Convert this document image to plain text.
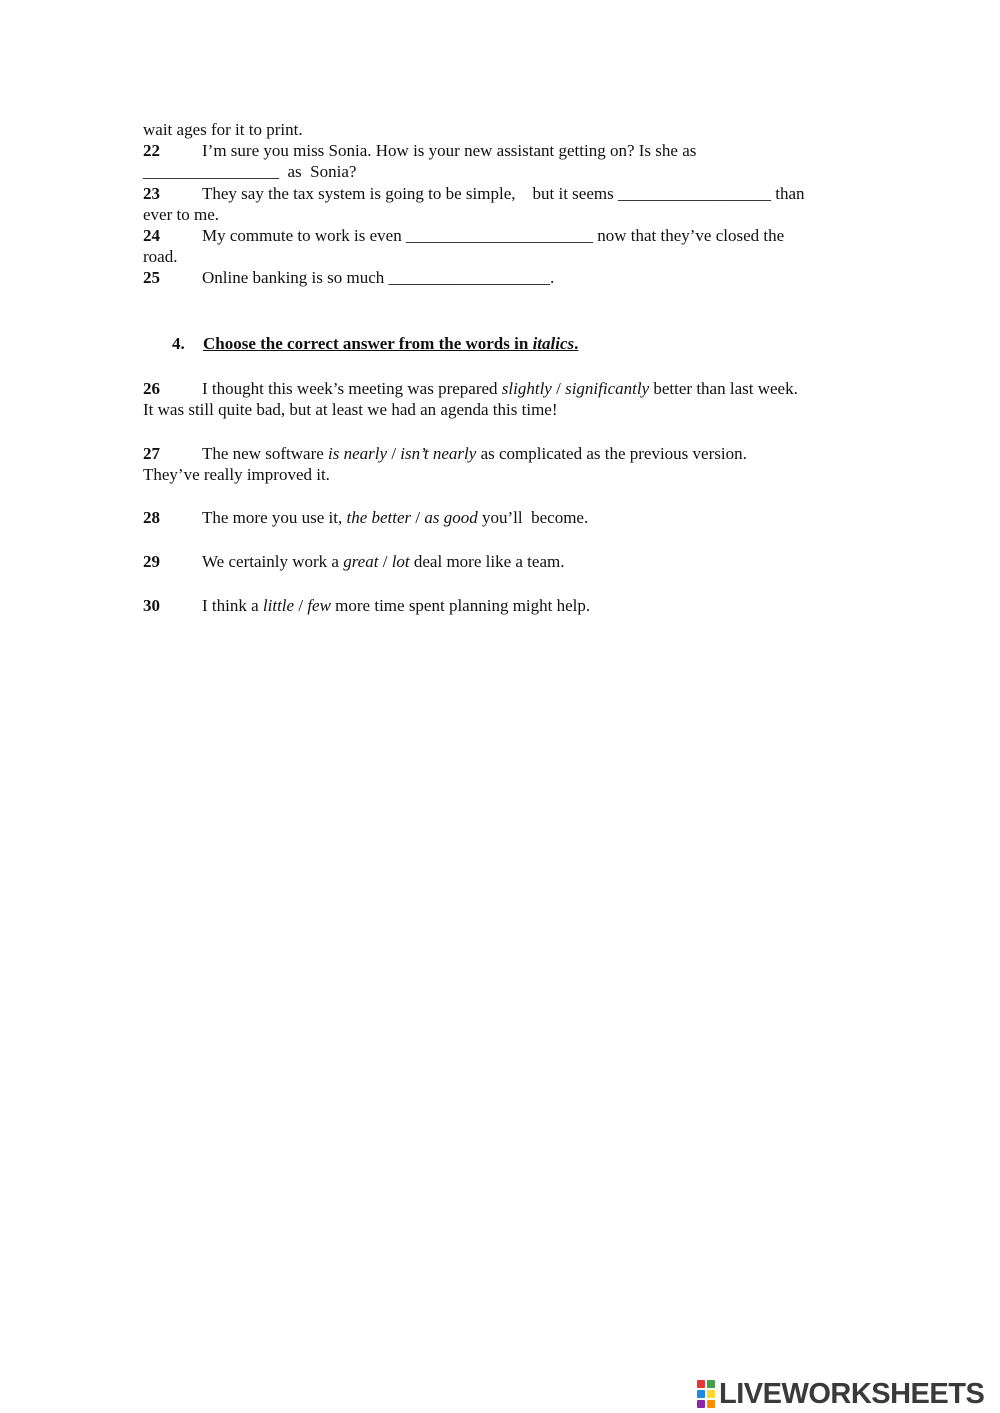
wait ages for it to print.
22 I’m sure you miss Sonia. How is your new assistant getting on? Is she as
________________  as  Sonia?
23 They say the tax system is going to be simple,    but it seems __________________ than
ever to me.
24 My commute to work is even ______________________ now that they’ve closed the
road.
25 Online banking is so much ___________________.
4. Choose the correct answer from the words in italics.
26 I thought this week’s meeting was prepared slightly / significantly better than last week.
It was still quite bad, but at least we had an agenda this time!
27 The new software is nearly / isn’t nearly as complicated as the previous version.
They’ve really improved it.
28 The more you use it, the better / as good you’ll  become.
29 We certainly work a great / lot deal more like a team.
30 I think a little / few more time spent planning might help.
LIVEWORKSHEETS
